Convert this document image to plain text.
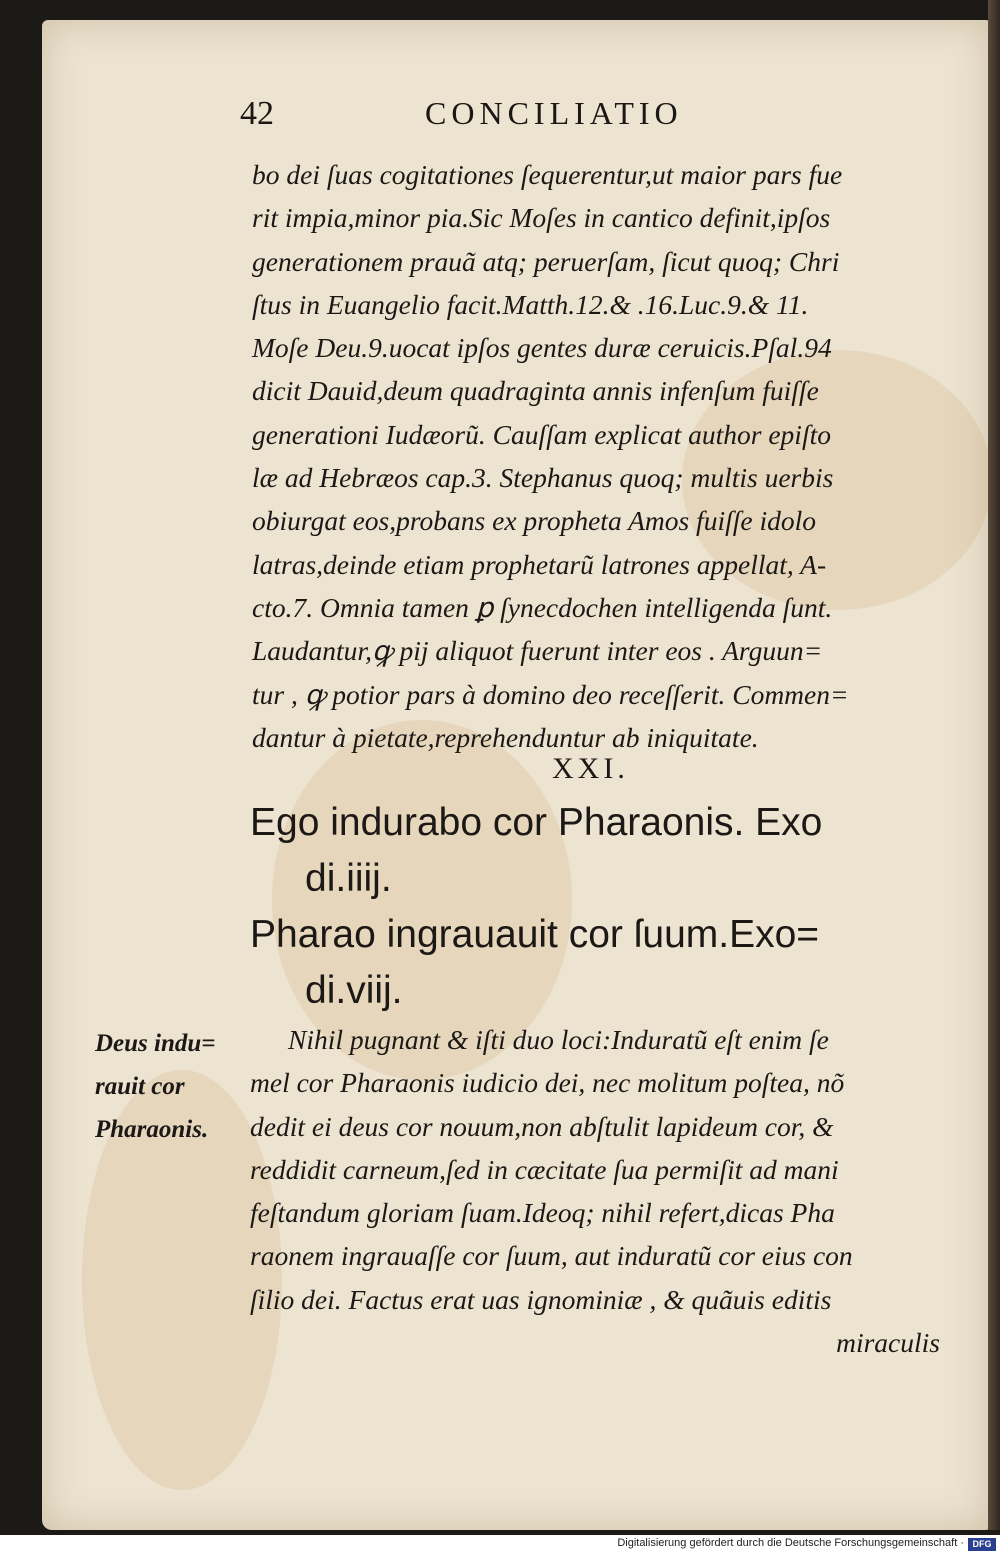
42	CONCILIATIO
bo dei ſuas cogitationes ſequerentur,ut maior pars fue
rit impia,minor pia.Sic Moſes in cantico definit,ipſos
generationem prauã atq; peruerſam, ſicut quoq; Chri
ſtus in Euangelio facit.Matth.12.& .16.Luc.9.& 11.
Moſe Deu.9.uocat ipſos gentes duræ ceruicis.Pſal.94
dicit Dauid,deum quadraginta annis infenſum fuiſſe
generationi Iudæorũ. Cauſſam explicat author epiſto
læ ad Hebræos cap.3. Stephanus quoq; multis uerbis
obiurgat eos,probans ex propheta Amos fuiſſe idolo
latras,deinde etiam prophetarũ latrones appellat, A-
cto.7. Omnia tamen ꝑ ſynecdochen intelligenda ſunt.
Laudantur,ꝙ pij aliquot fuerunt inter eos . Arguun=
tur , ꝙ potior pars à domino deo receſſerit. Commen=
dantur à pietate,reprehenduntur ab iniquitate.
XXI.
Ego indurabo cor Pharaonis. Exo
di.iiij.
Pharao ingrauauit cor ſuum.Exo=
di.viij.
Deus indu=
rauit cor
Pharaonis.
Nihil pugnant & iſti duo loci:Induratũ eſt enim ſe
mel cor Pharaonis iudicio dei, nec molitum poſtea, nõ
dedit ei deus cor nouum,non abſtulit lapideum cor, &
reddidit carneum,ſed in cæcitate ſua permiſit ad mani
feſtandum gloriam ſuam.Ideoq; nihil refert,dicas Pha
raonem ingrauaſſe cor ſuum, aut induratũ cor eius con
ſilio dei. Factus erat uas ignominiæ , & quãuis editis
miraculis
Digitalisierung gefördert durch die Deutsche Forschungsgemeinschaft · DFG
